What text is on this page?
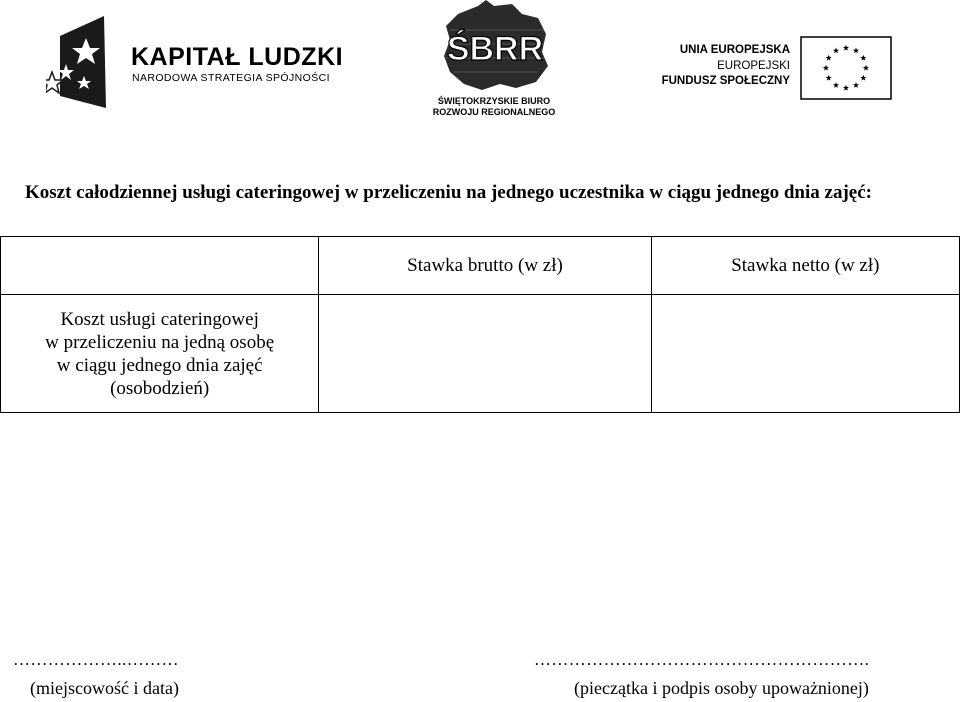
KAPITAŁ LUDZKI
NARODOWA STRATEGIA SPÓJNOŚCI
ŚBRR
ŚWIĘTOKRZYSKIE BIURO
ROZWOJU REGIONALNEGO
UNIA EUROPEJSKA
EUROPEJSKI
FUNDUSZ SPOŁECZNY
Koszt całodziennej usługi cateringowej w przeliczeniu na jednego uczestnika w ciągu jednego dnia zajęć:
	Stawka brutto (w zł)	Stawka netto (w zł)

Koszt usługi cateringowej
w przeliczeniu na jedną osobę
w ciągu jednego dnia zajęć
(osobodzień)		

………………..………	………………………………………………….
(miejscowość i data)	(pieczątka i podpis osoby upoważnionej)
